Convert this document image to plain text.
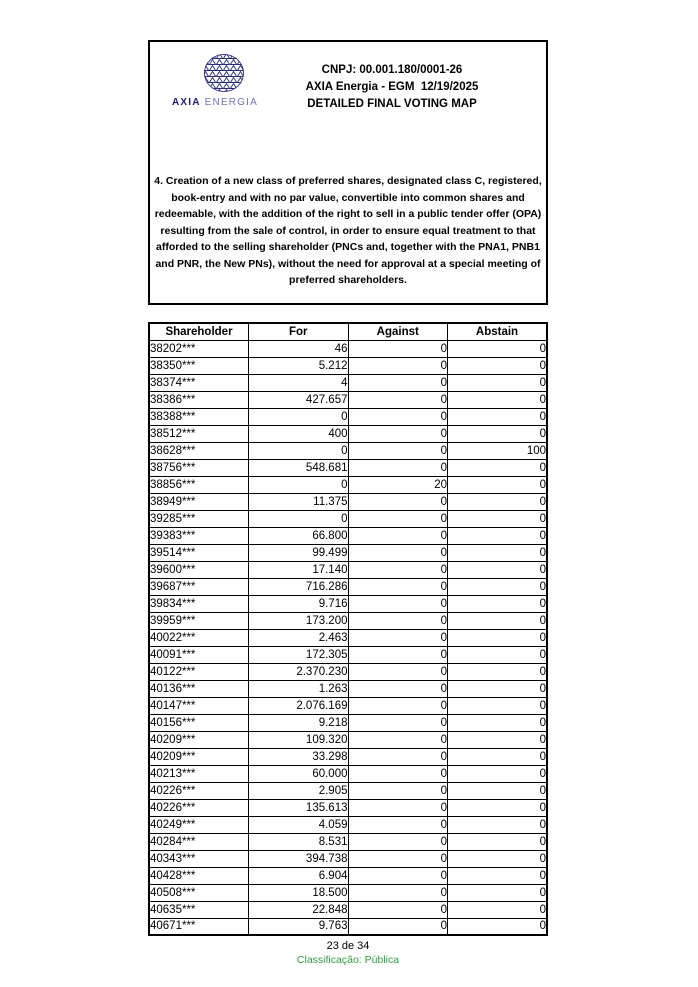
AXIA ENERGIA
CNPJ: 00.001.180/0001-26
AXIA Energia - EGM  12/19/2025
DETAILED FINAL VOTING MAP
4. Creation of a new class of preferred shares, designated class C, registered, book-entry and with no par value, convertible into common shares and redeemable, with the addition of the right to sell in a public tender offer (OPA) resulting from the sale of control, in order to ensure equal treatment to that afforded to the selling shareholder (PNCs and, together with the PNA1, PNB1 and PNR, the New PNs), without the need for approval at a special meeting of preferred shareholders.
Shareholder	For	Against	Abstain
38202***	46	0	0
38350***	5.212	0	0
38374***	4	0	0
38386***	427.657	0	0
38388***	0	0	0
38512***	400	0	0
38628***	0	0	100
38756***	548.681	0	0
38856***	0	20	0
38949***	11.375	0	0
39285***	0	0	0
39383***	66.800	0	0
39514***	99.499	0	0
39600***	17.140	0	0
39687***	716.286	0	0
39834***	9.716	0	0
39959***	173.200	0	0
40022***	2.463	0	0
40091***	172.305	0	0
40122***	2.370.230	0	0
40136***	1.263	0	0
40147***	2.076.169	0	0
40156***	9.218	0	0
40209***	109.320	0	0
40209***	33.298	0	0
40213***	60.000	0	0
40226***	2.905	0	0
40226***	135.613	0	0
40249***	4.059	0	0
40284***	8.531	0	0
40343***	394.738	0	0
40428***	6.904	0	0
40508***	18.500	0	0
40635***	22.848	0	0
40671***	9.763	0	0
23 de 34
Classificação: Pública
